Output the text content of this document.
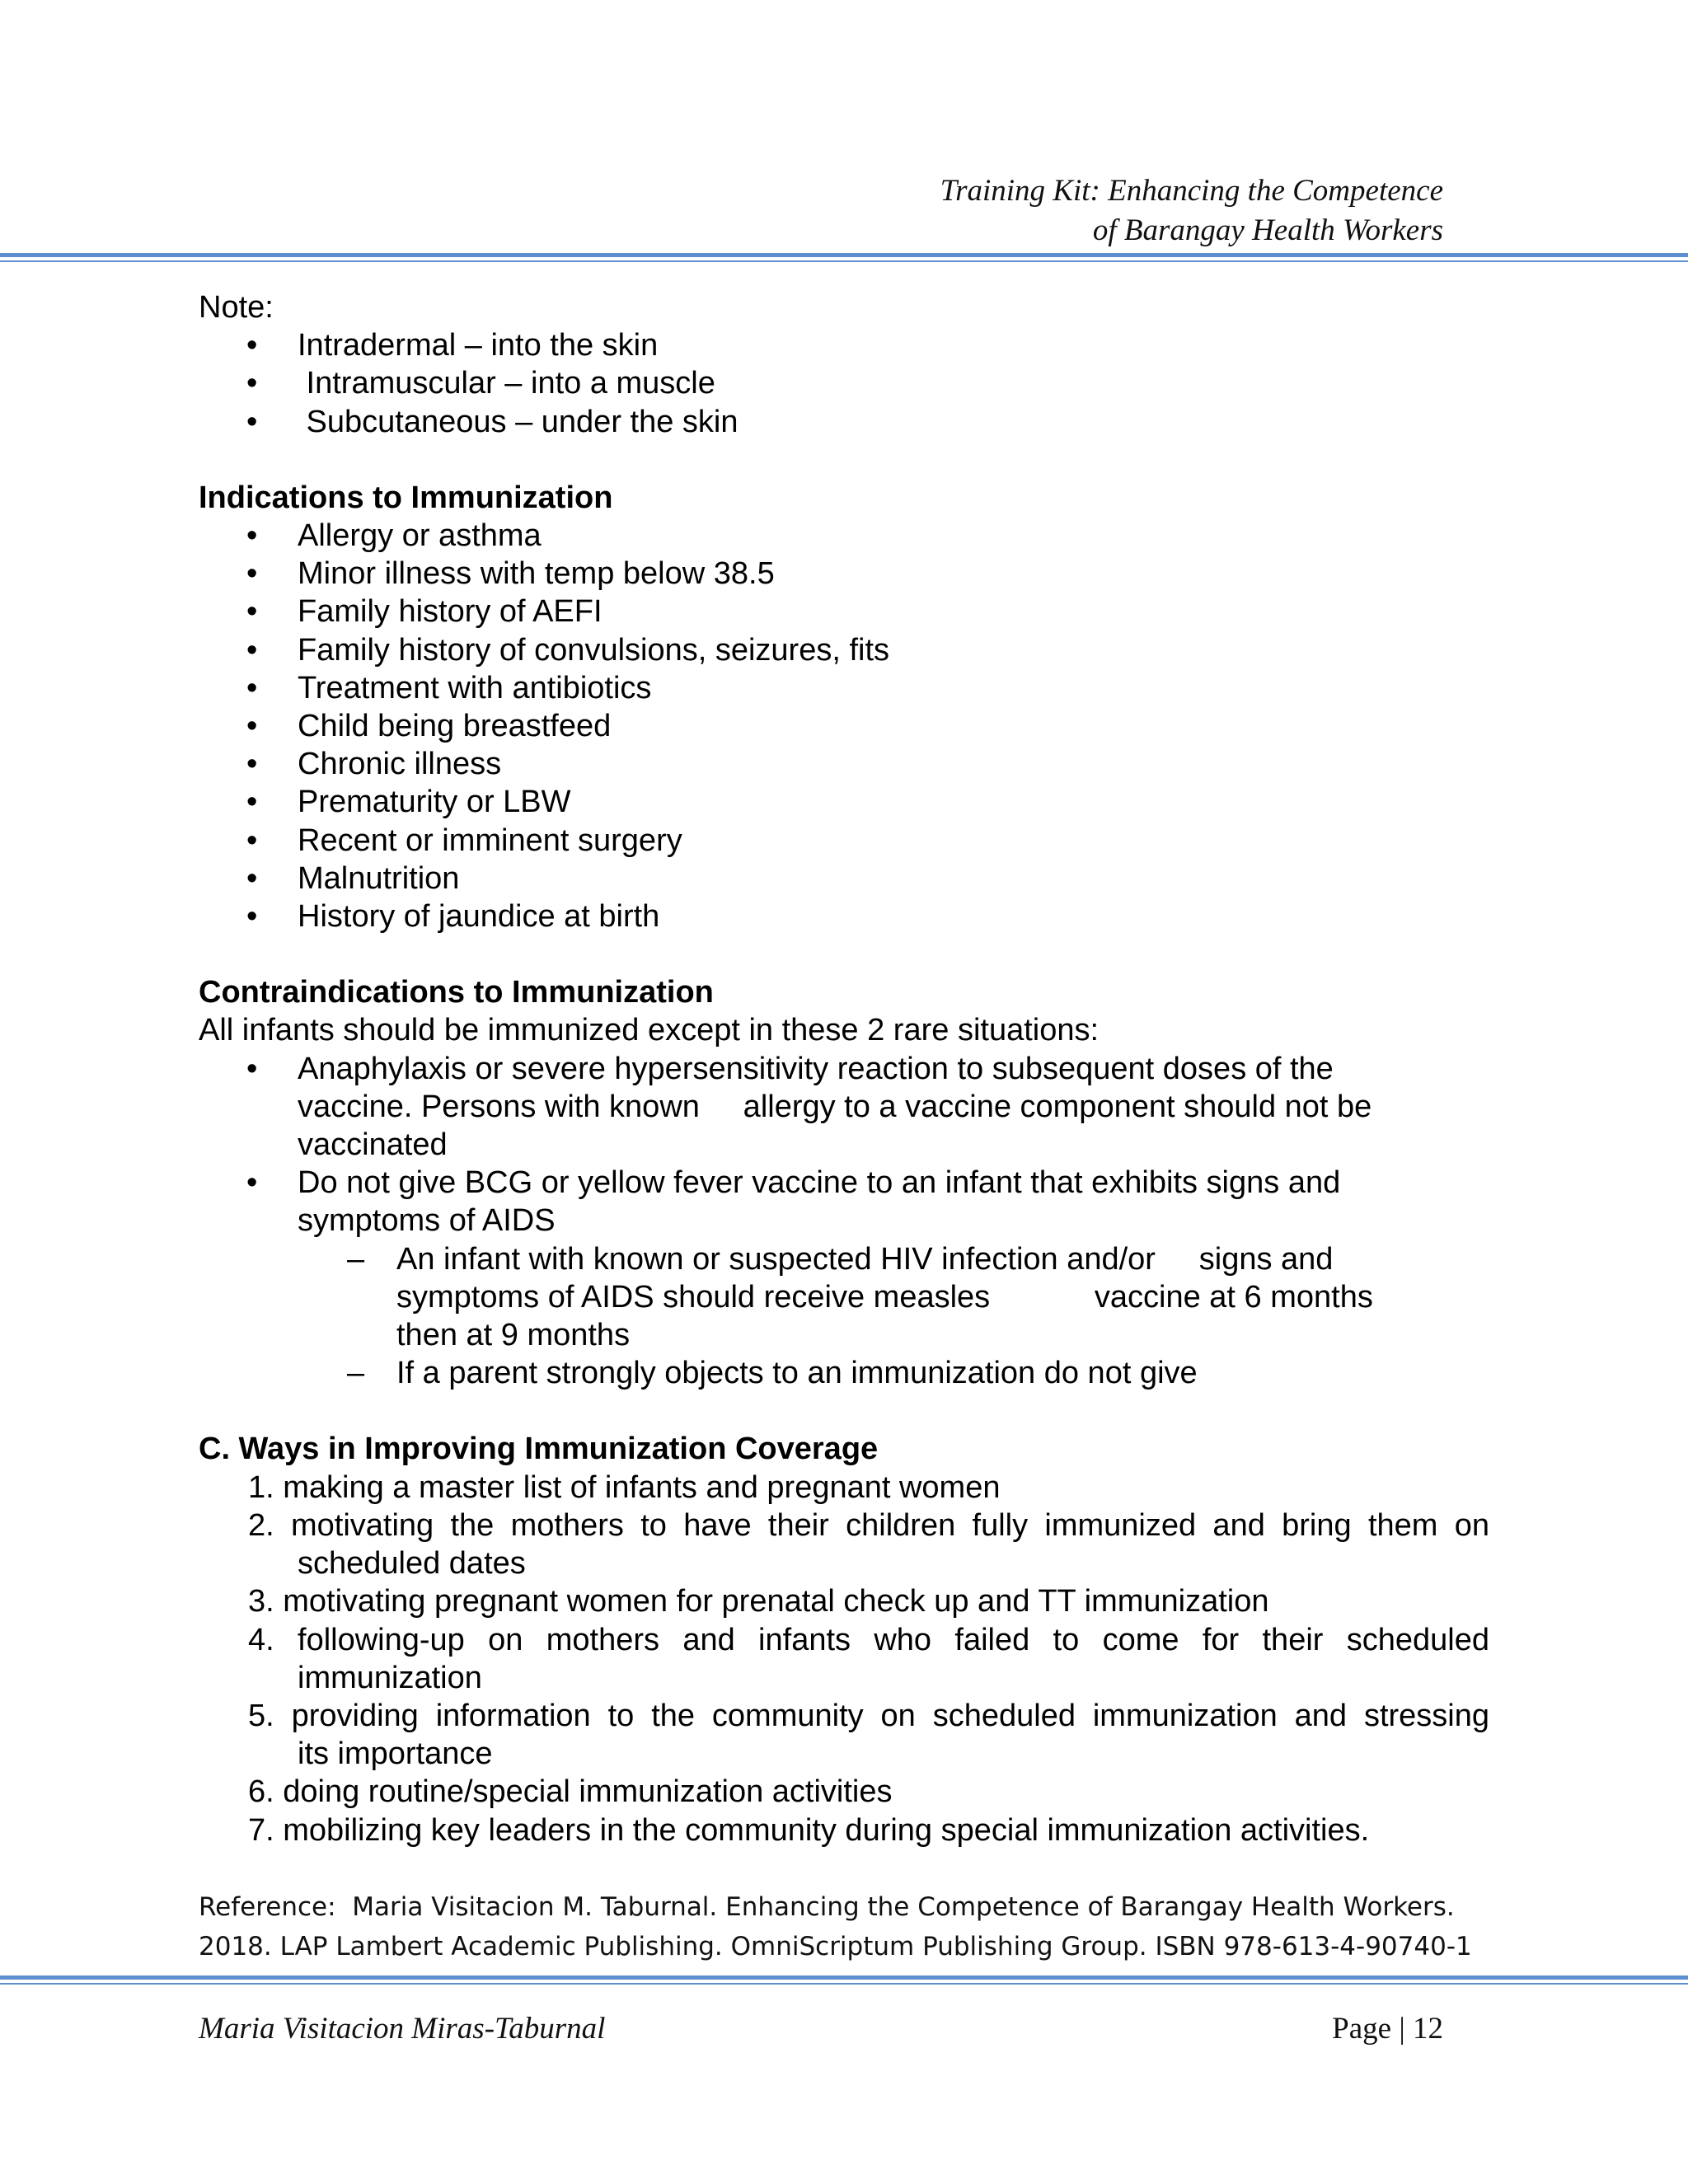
Training Kit: Enhancing the Competence
of Barangay Health Workers
Note:
• Intradermal – into the skin
• Intramuscular – into a muscle
• Subcutaneous – under the skin
Indications to Immunization
• Allergy or asthma
• Minor illness with temp below 38.5
• Family history of AEFI
• Family history of convulsions, seizures, fits
• Treatment with antibiotics
• Child being breastfeed
• Chronic illness
• Prematurity or LBW
• Recent or imminent surgery
• Malnutrition
• History of jaundice at birth
Contraindications to Immunization
All infants should be immunized except in these 2 rare situations:
• Anaphylaxis or severe hypersensitivity reaction to subsequent doses of the
vaccine. Persons with known     allergy to a vaccine component should not be
vaccinated
• Do not give BCG or yellow fever vaccine to an infant that exhibits signs and
symptoms of AIDS
– An infant with known or suspected HIV infection and/or     signs and
symptoms of AIDS should receive measles            vaccine at 6 months
then at 9 months
– If a parent strongly objects to an immunization do not give
C. Ways in Improving Immunization Coverage
1. making a master list of infants and pregnant women
2. motivating the mothers to have their children fully immunized and bring them on
scheduled dates
3. motivating pregnant women for prenatal check up and TT immunization
4. following-up on mothers and infants who failed to come for their scheduled
immunization
5. providing information to the community on scheduled immunization and stressing
its importance
6. doing routine/special immunization activities
7. mobilizing key leaders in the community during special immunization activities.
Reference:  Maria Visitacion M. Taburnal. Enhancing the Competence of Barangay Health Workers.
2018. LAP Lambert Academic Publishing. OmniScriptum Publishing Group. ISBN 978-613-4-90740-1
Maria Visitacion Miras-Taburnal	Page | 12
